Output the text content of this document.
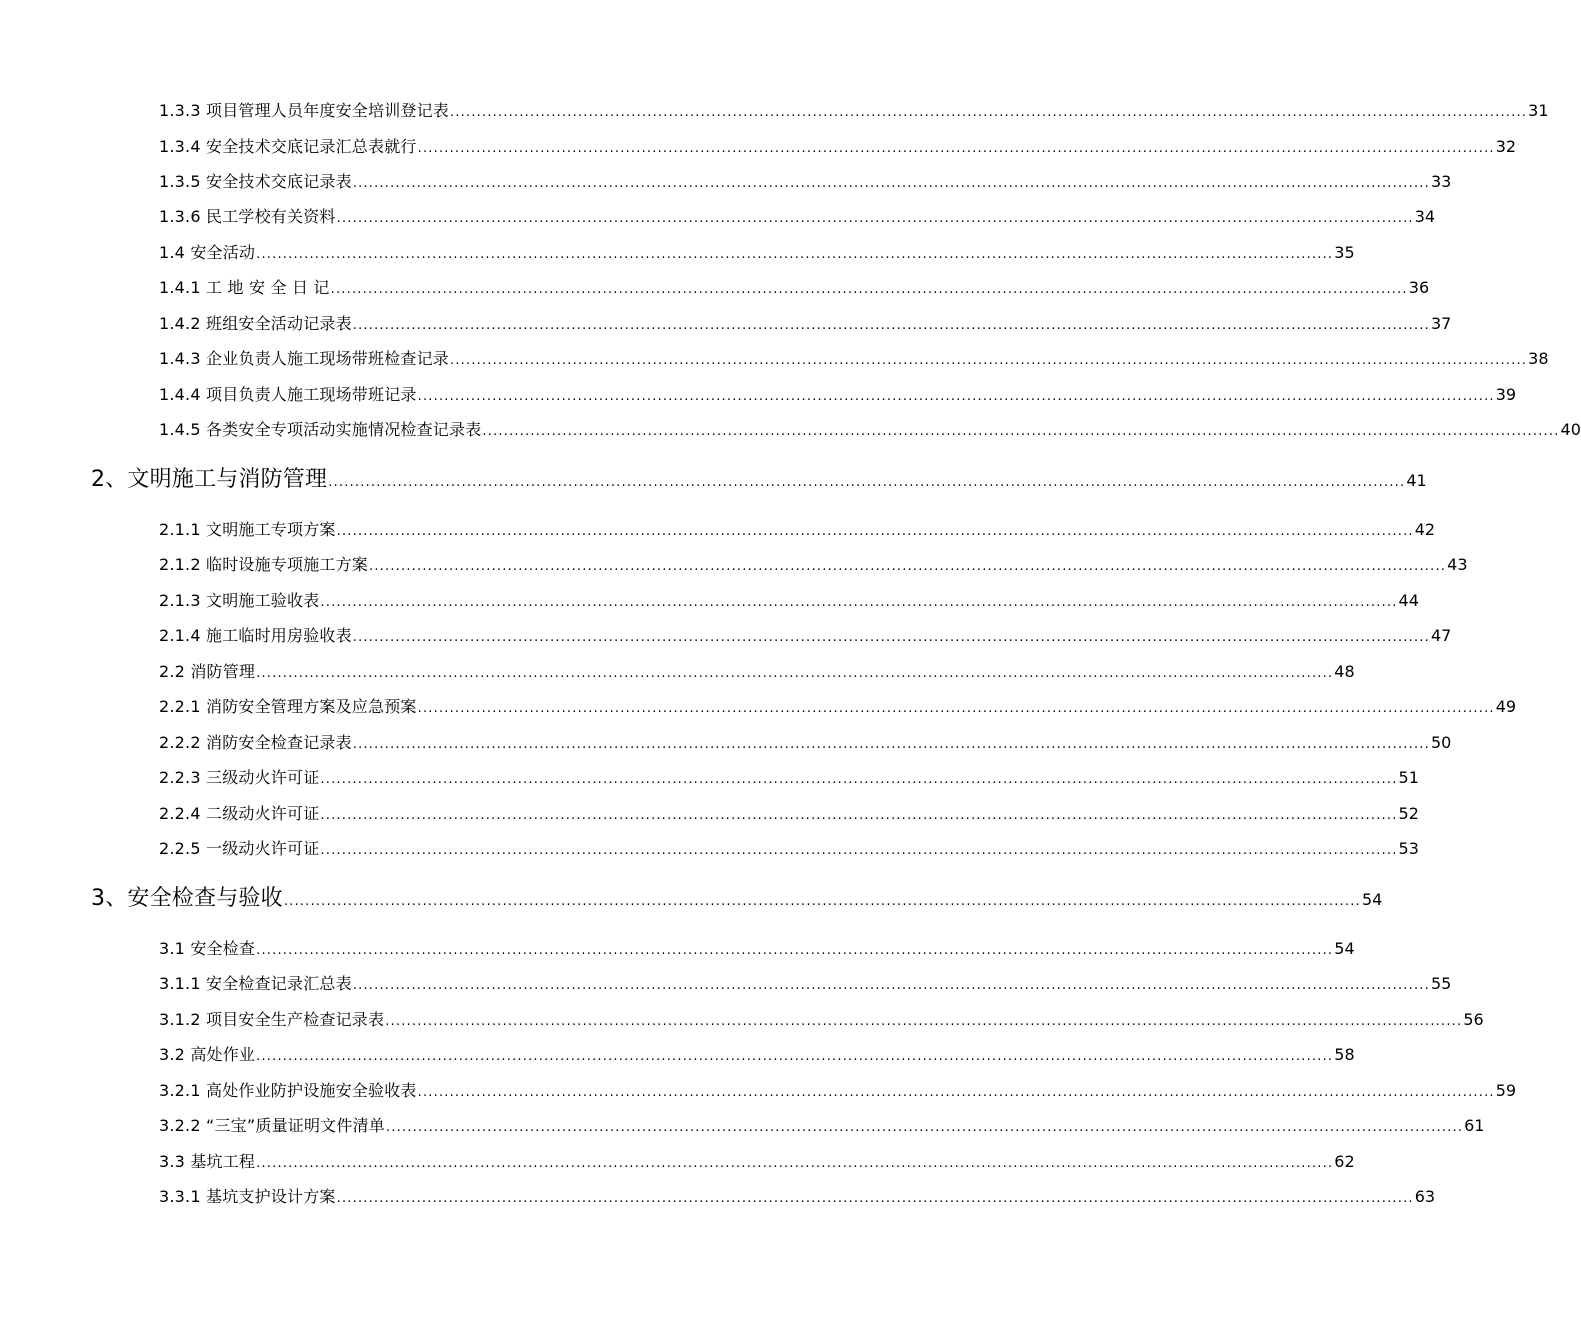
1.3.3 项目管理人员年度安全培训登记表 .......................................................................................................................................................................................................... 31
1.3.4 安全技术交底记录汇总表就行 .......................................................................................................................................................................................................... 32
1.3.5 安全技术交底记录表 .......................................................................................................................................................................................................... 33
1.3.6 民工学校有关资料 .......................................................................................................................................................................................................... 34
1.4 安全活动 .......................................................................................................................................................................................................... 35
1.4.1 工 地 安 全 日 记 .......................................................................................................................................................................................................... 36
1.4.2 班组安全活动记录表 .......................................................................................................................................................................................................... 37
1.4.3 企业负责人施工现场带班检查记录 .......................................................................................................................................................................................................... 38
1.4.4 项目负责人施工现场带班记录 .......................................................................................................................................................................................................... 39
1.4.5 各类安全专项活动实施情况检查记录表 .......................................................................................................................................................................................................... 40
2、文明施工与消防管理 .......................................................................................................................................................................................................... 41
2.1.1 文明施工专项方案 .......................................................................................................................................................................................................... 42
2.1.2 临时设施专项施工方案 .......................................................................................................................................................................................................... 43
2.1.3 文明施工验收表 .......................................................................................................................................................................................................... 44
2.1.4 施工临时用房验收表 .......................................................................................................................................................................................................... 47
2.2 消防管理 .......................................................................................................................................................................................................... 48
2.2.1 消防安全管理方案及应急预案 .......................................................................................................................................................................................................... 49
2.2.2 消防安全检查记录表 .......................................................................................................................................................................................................... 50
2.2.3 三级动火许可证 .......................................................................................................................................................................................................... 51
2.2.4 二级动火许可证 .......................................................................................................................................................................................................... 52
2.2.5 一级动火许可证 .......................................................................................................................................................................................................... 53
3、安全检查与验收 .......................................................................................................................................................................................................... 54
3.1 安全检查 .......................................................................................................................................................................................................... 54
3.1.1 安全检查记录汇总表 .......................................................................................................................................................................................................... 55
3.1.2 项目安全生产检查记录表 .......................................................................................................................................................................................................... 56
3.2 高处作业 .......................................................................................................................................................................................................... 58
3.2.1 高处作业防护设施安全验收表 .......................................................................................................................................................................................................... 59
3.2.2 “三宝”质量证明文件清单 .......................................................................................................................................................................................................... 61
3.3 基坑工程 .......................................................................................................................................................................................................... 62
3.3.1 基坑支护设计方案 .......................................................................................................................................................................................................... 63
